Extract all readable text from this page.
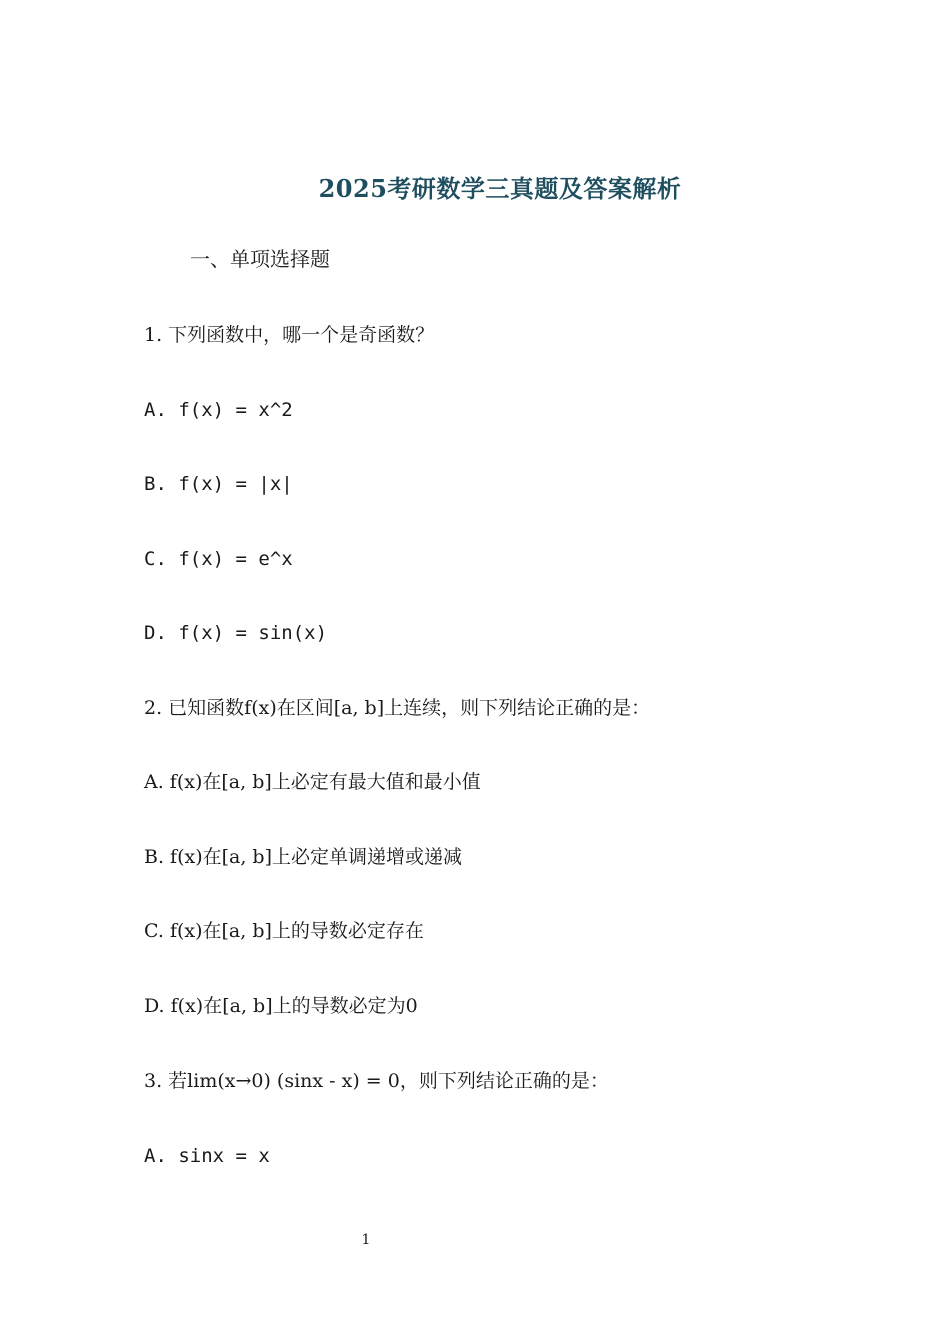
2025考研数学三真题及答案解析
一、单项选择题
1. 下列函数中，哪一个是奇函数？
A. f(x) = x^2
B. f(x) = |x|
C. f(x) = e^x
D. f(x) = sin(x)
2. 已知函数f(x)在区间[a, b]上连续，则下列结论正确的是：
A. f(x)在[a, b]上必定有最大值和最小值
B. f(x)在[a, b]上必定单调递增或递减
C. f(x)在[a, b]上的导数必定存在
D. f(x)在[a, b]上的导数必定为0
3. 若lim(x→0) (sinx - x) = 0，则下列结论正确的是：
A. sinx = x
1
